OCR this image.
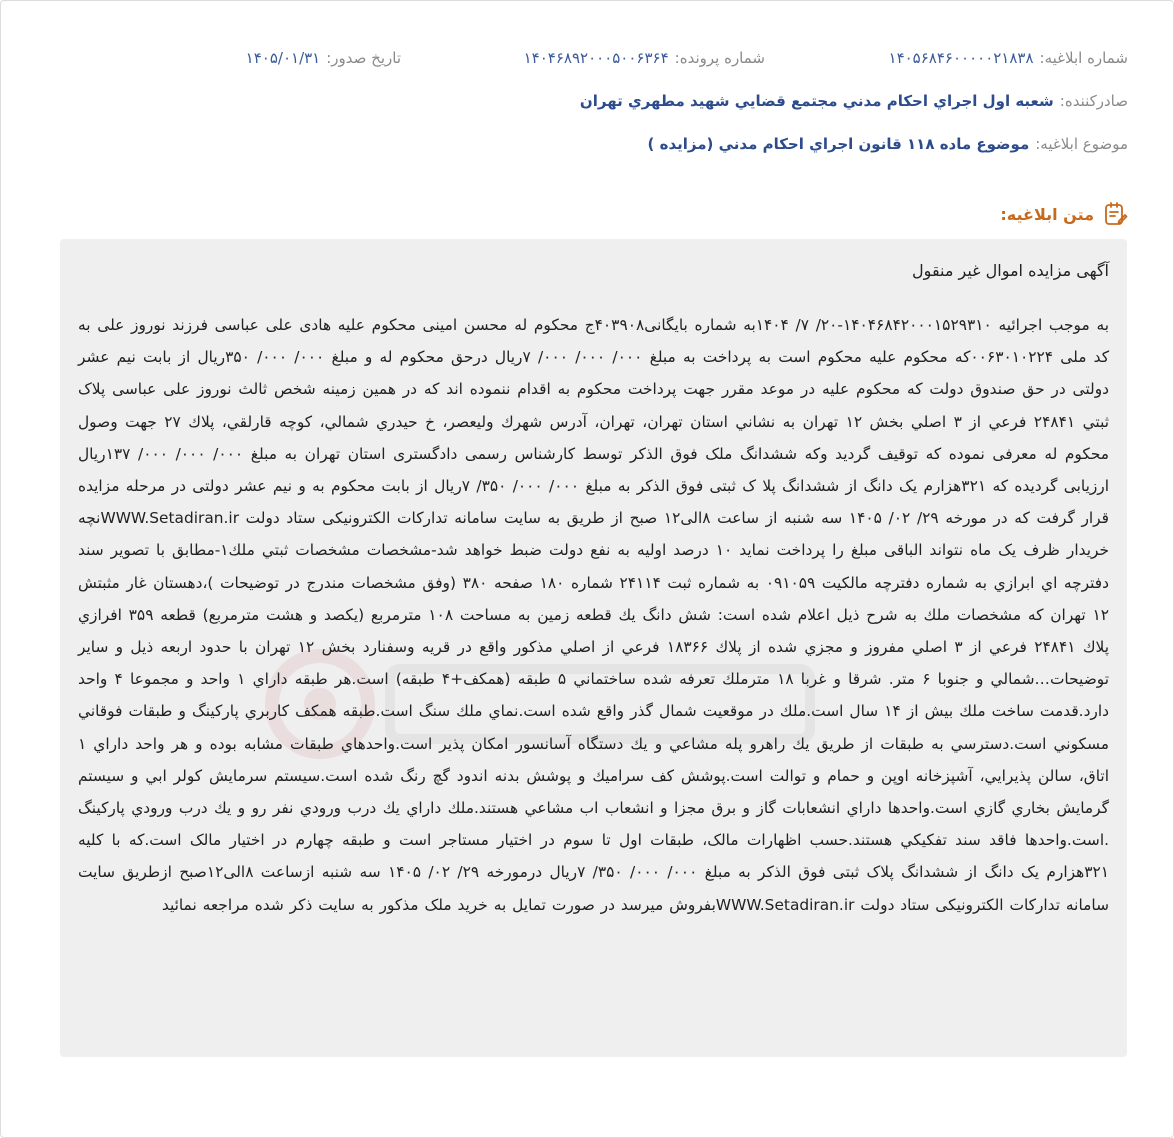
شماره ابلاغیه:
۱۴۰۵۶۸۴۶۰۰۰۰۰۲۱۸۳۸
شماره پرونده:
۱۴۰۴۶۸۹۲۰۰۰۵۰۰۶۳۶۴
تاریخ صدور:
۱۴۰۵/۰۱/۳۱
صادرکننده:
شعبه اول اجراي احكام مدني مجتمع قضايي شهيد مطهري تهران
موضوع ابلاغیه:
موضوع ماده ۱۱۸ قانون اجراي احكام مدني (مزايده )
متن ابلاغیه:
آگهی مزایده اموال غیر منقول
به موجب اجرائیه ۱۴۰۴۶۸۴۲۰۰۰۱۵۲۹۳۱۰-۲۰/ ۷/ ۱۴۰۴به شماره بایگانی۴۰۳۹۰۸ج محکوم له محسن امینی محکوم علیه هادی علی عباسی فرزند نوروز علی به کد ملی ۰۰۶۳۰۱۰۲۲۴که محکوم علیه محکوم است به پرداخت به مبلغ ۰۰۰/ ۰۰۰/ ۰۰۰/ ۷ریال درحق محکوم له و مبلغ ۰۰۰/ ۰۰۰/ ۳۵۰ریال از بابت نیم عشر دولتی در حق صندوق دولت که محکوم علیه در موعد مقرر جهت پرداخت محکوم به اقدام ننموده اند که در همین زمینه شخص ثالث نوروز علی عباسی پلاک ثبتي ۲۴۸۴۱ فرعي از ۳ اصلي بخش ۱۲ تهران به نشاني استان تهران، تهران، آدرس شهرك وليعصر، خ حيدري شمالي، كوچه قارلقي، پلاك ۲۷ جهت وصول محکوم له معرفی نموده که توقیف گردید وکه ششدانگ ملک فوق الذکر توسط کارشناس رسمی دادگستری استان تهران به مبلغ ۰۰۰/ ۰۰۰/ ۰۰۰/ ۱۳۷ریال ارزیابی گردیده که ۳۲۱هزارم یک دانگ از ششدانگ پلا ک ثبتی فوق الذکر به مبلغ ۰۰۰/ ۰۰۰/ ۳۵۰/ ۷ریال از بابت محکوم به و نیم عشر دولتی در مرحله مزایده قرار گرفت که در مورخه ۲۹/ ۰۲/ ۱۴۰۵ سه شنبه از ساعت ۸الی۱۲ صبح از طریق به سایت سامانه تدارکات الکترونیکی ستاد دولت WWW.Setadiran.irنچه خریدار ظرف یک ماه نتواند الباقی مبلغ را پرداخت نماید ۱۰ درصد اولیه به نفع دولت ضبط خواهد شد-مشخصات مشخصات ثبتي ملك۱-مطابق با تصوير سند دفترچه اي ابرازي به شماره دفترچه مالكيت ۰۹۱۰۵۹ به شماره ثبت ۲۴۱۱۴ شماره ۱۸۰ صفحه ۳۸۰ (وفق مشخصات مندرج در توضيحات )،دهستان غار مثبتش ۱۲ تهران كه مشخصات ملك به شرح ذيل اعلام شده است: شش دانگ يك قطعه زمين به مساحت ۱۰۸ مترمربع (يكصد و هشت مترمربع) قطعه ۳۵۹ افرازي پلاك ۲۴۸۴۱ فرعي از ۳ اصلي مفروز و مجزي شده از پلاك ۱۸۳۶۶ فرعي از اصلي مذكور واقع در قريه وسفنارد بخش ۱۲ تهران با حدود اربعه ذيل و ساير توضيحات…شمالي و جنوبا ۶ متر. شرقا و غربا ۱۸ مترملك تعرفه شده ساختماني ۵ طبقه (همكف+۴ طبقه) است.هر طبقه داراي ۱ واحد و مجموعا ۴ واحد دارد.قدمت ساخت ملك بيش از ۱۴ سال است.ملك در موقعيت شمال گذر واقع شده است.نماي ملك سنگ است.طبقه همكف كاربري پاركينگ و طبقات فوقاني مسكوني است.دسترسي به طبقات از طريق يك راهرو پله مشاعي و يك دستگاه آسانسور امكان پذير است.واحدهاي طبقات مشابه بوده و هر واحد داراي ۱ اتاق، سالن پذيرايي، آشپزخانه اوپن و حمام و توالت است.پوشش كف سراميك و پوشش بدنه اندود گچ رنگ شده است.سيستم سرمايش كولر ابي و سيستم گرمايش بخاري گازي است.واحدها داراي انشعابات گاز و برق مجزا و انشعاب اب مشاعي هستند.ملك داراي يك درب ورودي نفر رو و يك درب ورودي پاركينگ .است.واحدها فاقد سند تفكيكي هستند.حسب اظهارات مالک، طبقات اول تا سوم در اختیار مستاجر است و طبقه چهارم در اختیار مالک است.که با کلیه ۳۲۱هزارم یک دانگ از ششدانگ پلاک ثبتی فوق الذکر به مبلغ ۰۰۰/ ۰۰۰/ ۳۵۰/ ۷ریال درمورخه ۲۹/ ۰۲/ ۱۴۰۵ سه شنبه ازساعت ۸الی۱۲صبح ازطریق سایت سامانه تدارکات الکترونیکی ستاد دولت WWW.Setadiran.irبفروش میرسد در صورت تمایل به خرید ملک مذکور به سایت ذکر شده مراجعه نمائید
